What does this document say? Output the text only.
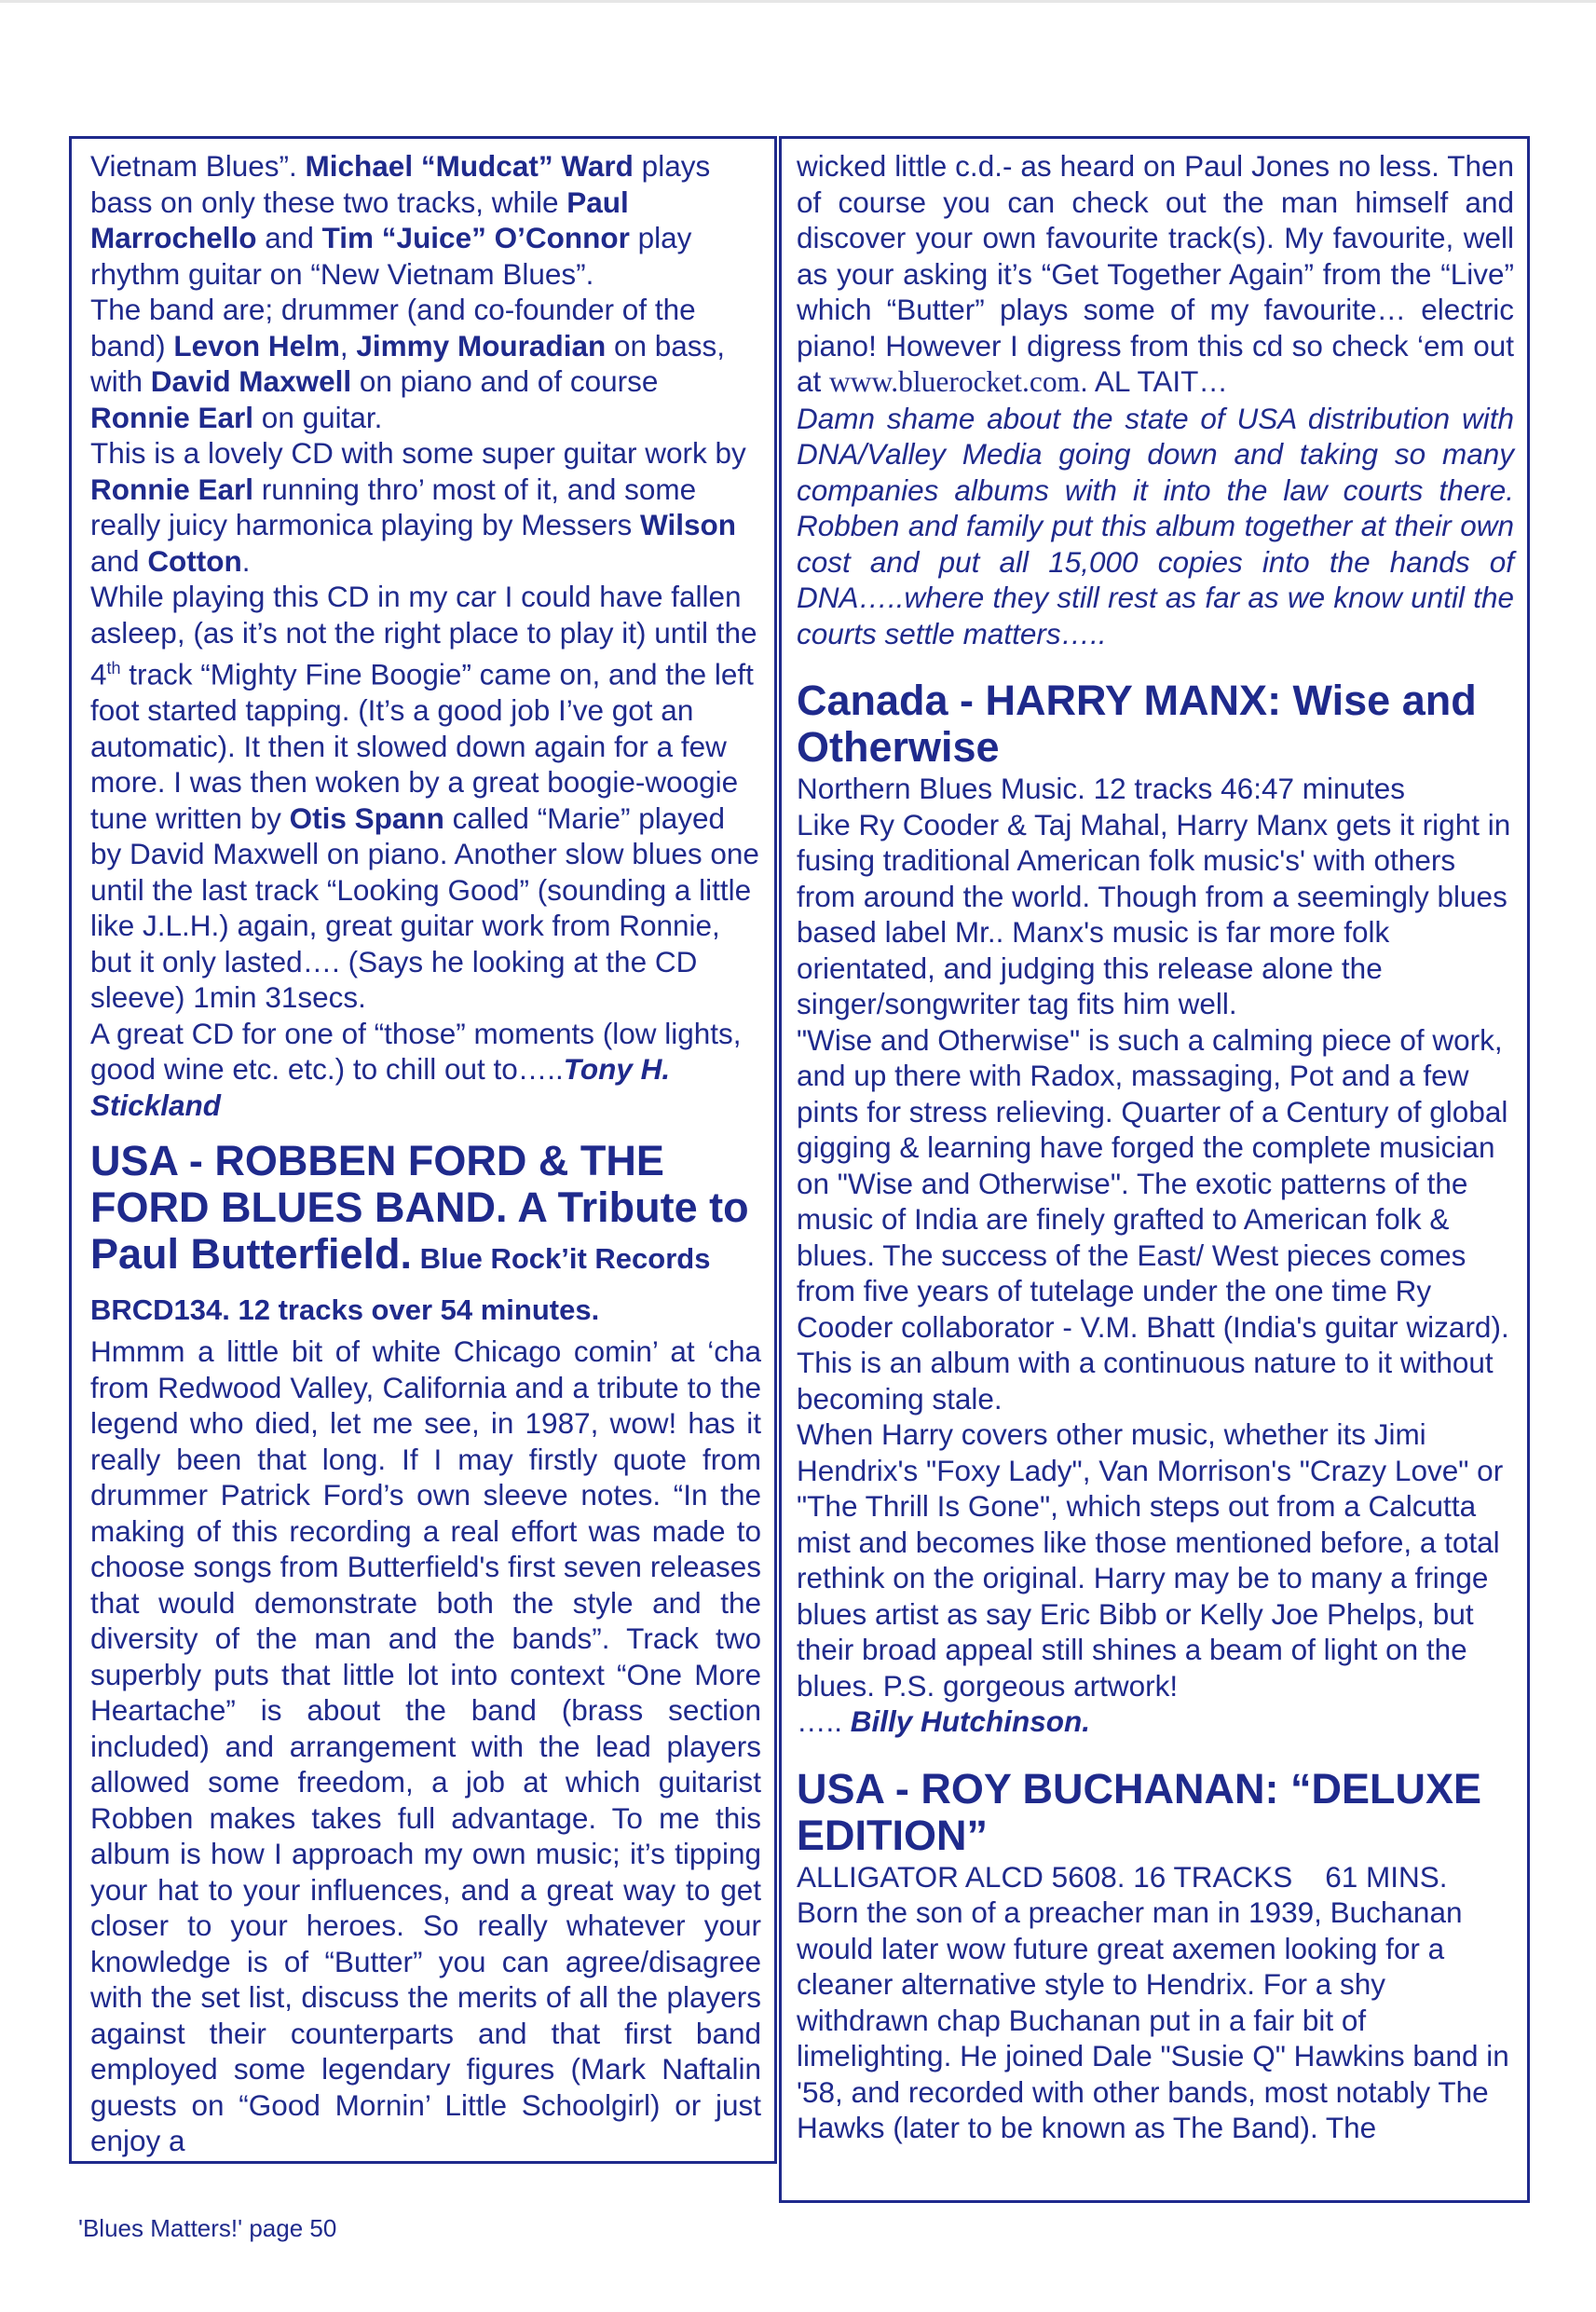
Vietnam Blues”. Michael “Mudcat” Ward plays bass on only these two tracks, while Paul Marrochello and Tim “Juice” O’Connor play rhythm guitar on “New Vietnam Blues”.

The band are; drummer (and co-founder of the band) Levon Helm, Jimmy Mouradian on bass, with David Maxwell on piano and of course Ronnie Earl on guitar.

This is a lovely CD with some super guitar work by Ronnie Earl running thro’ most of it, and some really juicy harmonica playing by Messers Wilson and Cotton.

While playing this CD in my car I could have fallen asleep, (as it’s not the right place to play it) until the 4th track “Mighty Fine Boogie” came on, and the left foot started tapping. (It’s a good job I’ve got an automatic). It then it slowed down again for a few more. I was then woken by a great boogie-woogie tune written by Otis Spann called “Marie” played by David Maxwell on piano. Another slow blues one until the last track “Looking Good” (sounding a little like J.L.H.) again, great guitar work from Ronnie, but it only lasted…. (Says he looking at the CD sleeve) 1min 31secs.

A great CD for one of “those” moments (low lights, good wine etc. etc.) to chill out to…..Tony H. Stickland

USA - ROBBEN FORD & THE FORD BLUES BAND. A Tribute to Paul Butterfield. Blue Rock’it Records BRCD134. 12 tracks over 54 minutes.

Hmmm a little bit of white Chicago comin’ at ‘cha from Redwood Valley, California and a tribute to the legend who died, let me see, in 1987, wow! has it really been that long. If I may firstly quote from drummer Patrick Ford’s own sleeve notes. “In the making of this recording a real effort was made to choose songs from Butterfield's first seven releases that would demonstrate both the style and the diversity of the man and the bands”. Track two superbly puts that little lot into context “One More Heartache” is about the band (brass section included) and arrangement with the lead players allowed some freedom, a job at which guitarist Robben makes takes full advantage. To me this album is how I approach my own music; it’s tipping your hat to your influences, and a great way to get closer to your heroes. So really whatever your knowledge is of “Butter” you can agree/disagree with the set list, discuss the merits of all the players against their counterparts and that first band employed some legendary figures (Mark Naftalin guests on “Good Mornin’ Little Schoolgirl) or just enjoy a

wicked little c.d.- as heard on Paul Jones no less. Then of course you can check out the man himself and discover your own favourite track(s). My favourite, well as your asking it’s “Get Together Again” from the “Live” which “Butter” plays some of my favourite… electric piano! However I digress from this cd so check ‘em out at www.bluerocket.com. AL TAIT…

Damn shame about the state of USA distribution with DNA/Valley Media going down and taking so many companies albums with it into the law courts there. Robben and family put this album together at their own cost and put all 15,000 copies into the hands of DNA…..where they still rest as far as we know until the courts settle matters…..

Canada - HARRY MANX: Wise and Otherwise

Northern Blues Music. 12 tracks 46:47 minutes

Like Ry Cooder & Taj Mahal, Harry Manx gets it right in fusing traditional American folk music's' with others from around the world. Though from a seemingly blues based label Mr.. Manx's music is far more folk orientated, and judging this release alone the singer/songwriter tag fits him well.

"Wise and Otherwise" is such a calming piece of work, and up there with Radox, massaging, Pot and a few pints for stress relieving. Quarter of a Century of global gigging & learning have forged the complete musician on "Wise and Otherwise". The exotic patterns of the music of India are finely grafted to American folk & blues. The success of the East/ West pieces comes from five years of tutelage under the one time Ry Cooder collaborator - V.M. Bhatt (India's guitar wizard). This is an album with a continuous nature to it without becoming stale.

When Harry covers other music, whether its Jimi Hendrix's "Foxy Lady", Van Morrison's "Crazy Love" or "The Thrill Is Gone", which steps out from a Calcutta mist and becomes like those mentioned before, a total rethink on the original. Harry may be to many a fringe blues artist as say Eric Bibb or Kelly Joe Phelps, but their broad appeal still shines a beam of light on the blues. P.S. gorgeous artwork!
….. Billy Hutchinson.

USA - ROY BUCHANAN: “DELUXE EDITION”

ALLIGATOR ALCD 5608. 16 TRACKS    61 MINS.

Born the son of a preacher man in 1939, Buchanan would later wow future great axemen looking for a cleaner alternative style to Hendrix. For a shy withdrawn chap Buchanan put in a fair bit of limelighting. He joined Dale "Susie Q" Hawkins band in '58, and recorded with other bands, most notably The Hawks (later to be known as The Band). The

'Blues Matters!' page 50
